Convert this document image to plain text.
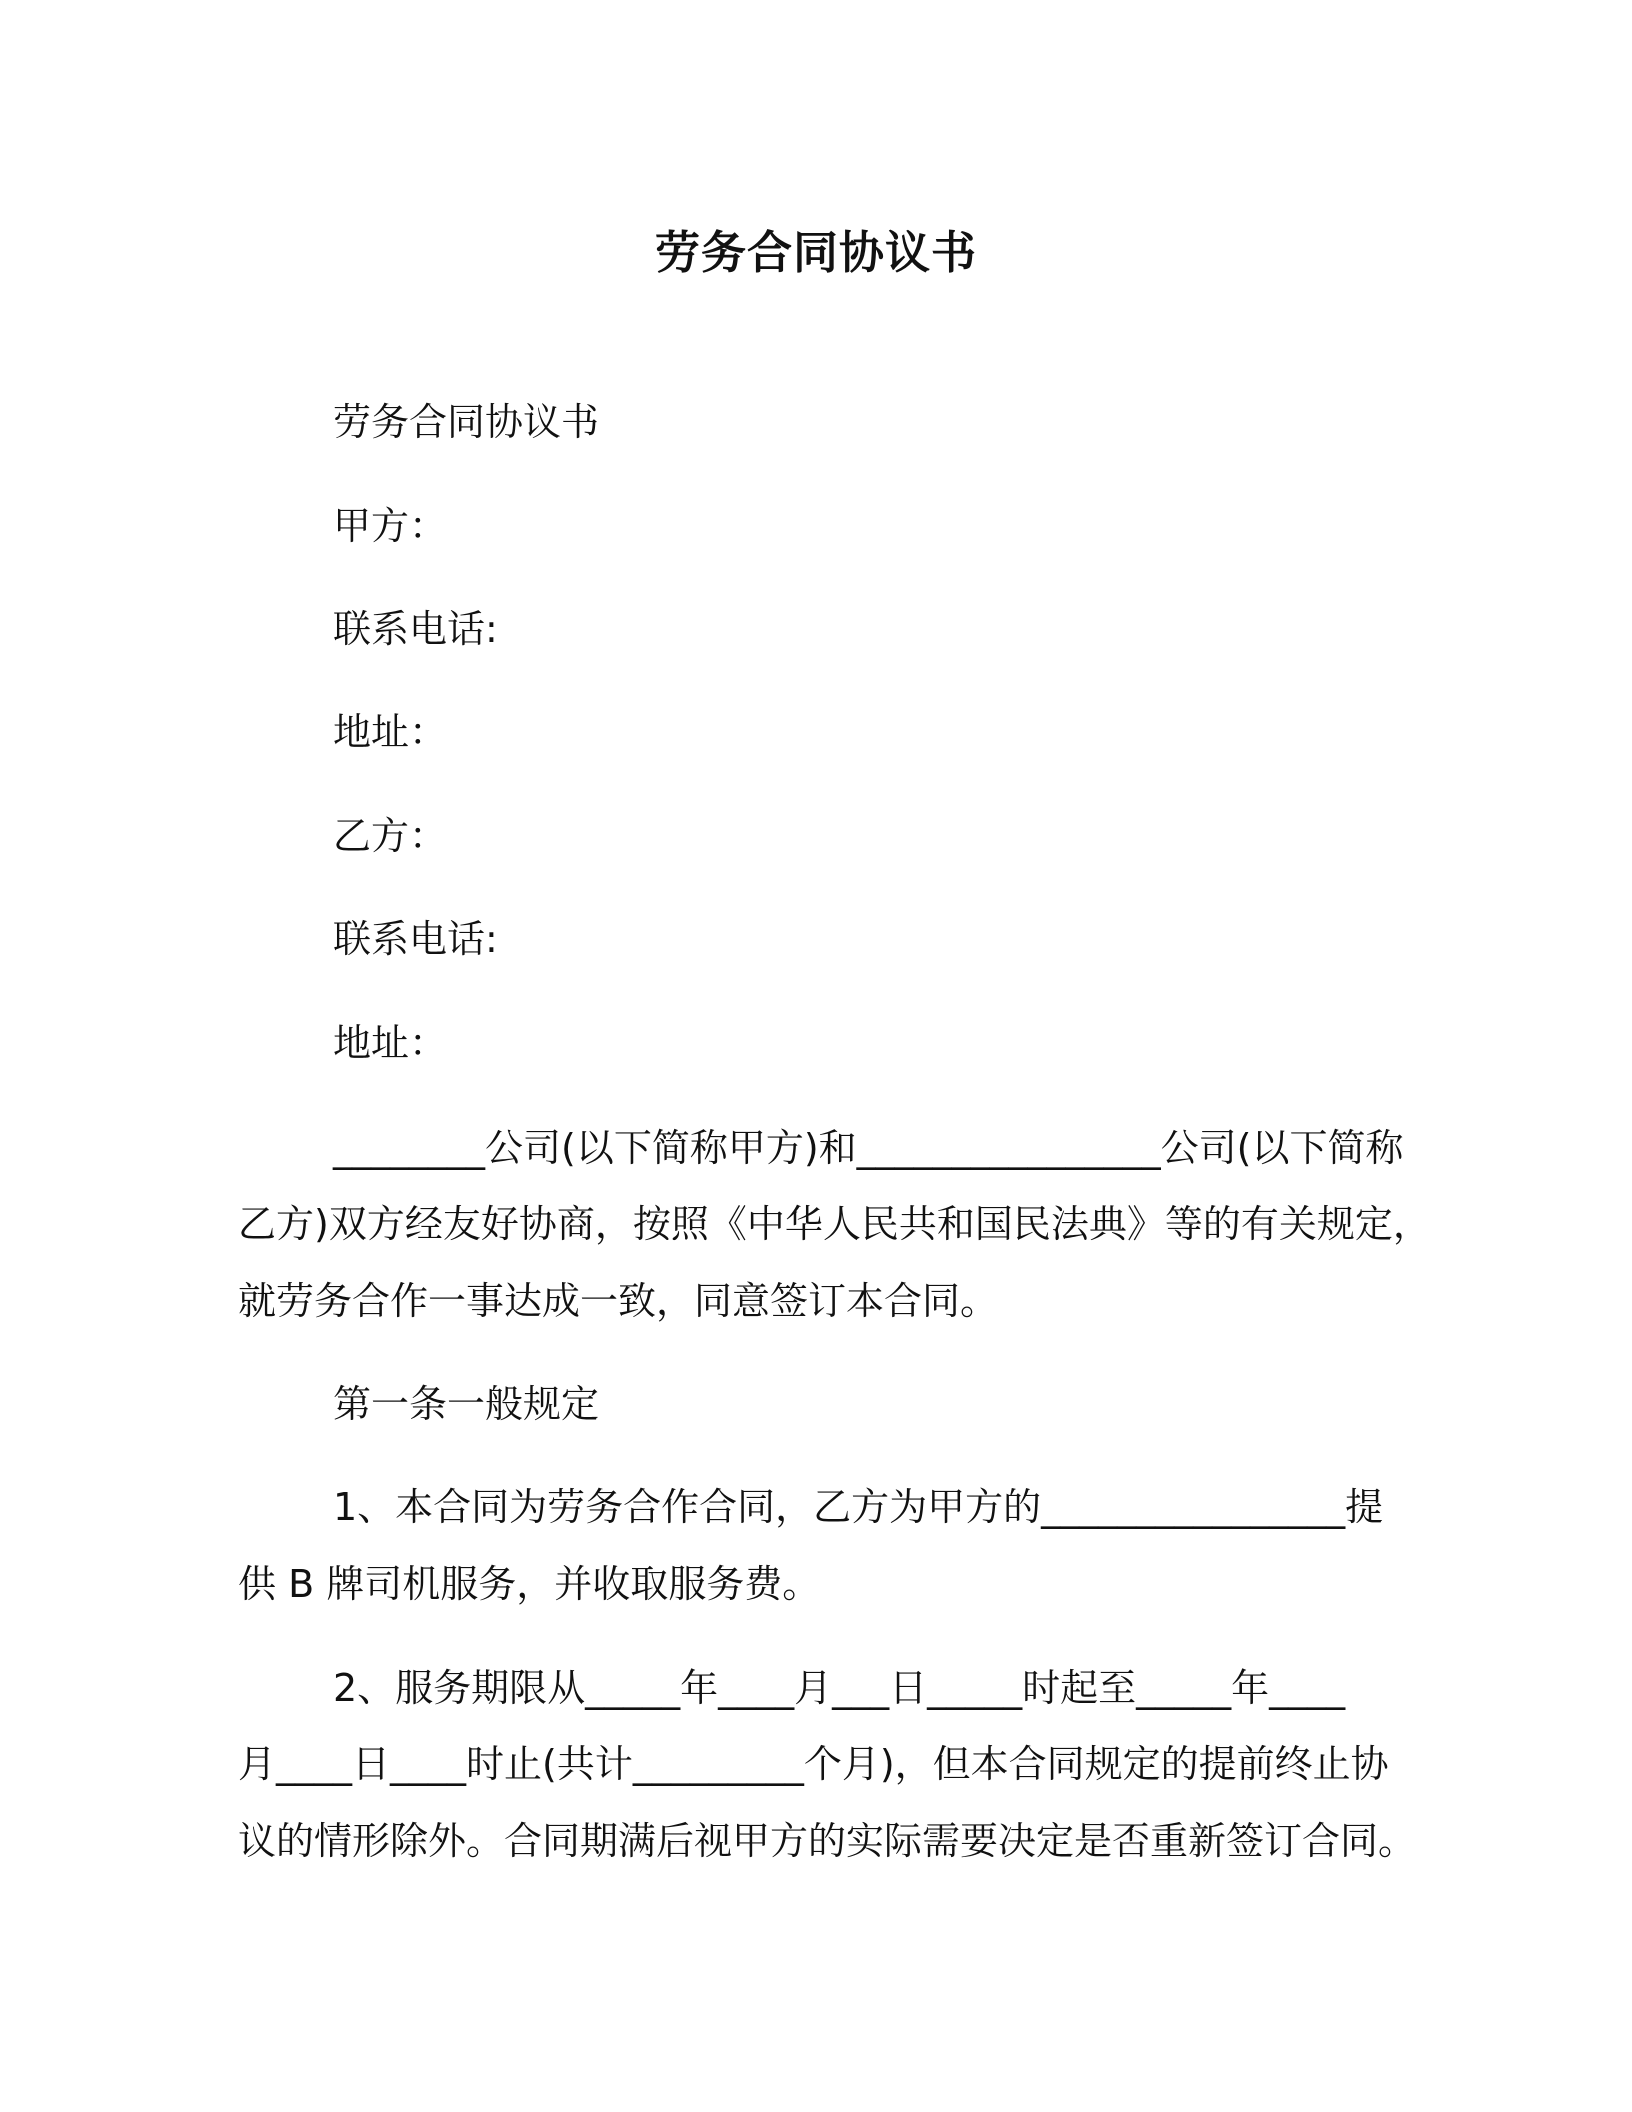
劳务合同协议书
劳务合同协议书
甲方：
联系电话:
地址：
乙方：
联系电话:
地址：
________公司(以下简称甲方)和________________公司(以下简称
乙方)双方经友好协商，按照《中华人民共和国民法典》等的有关规定，
就劳务合作一事达成一致，同意签订本合同。
第一条一般规定
1、本合同为劳务合作合同，乙方为甲方的________________提
供 B 牌司机服务，并收取服务费。
2、服务期限从_____年____月___日_____时起至_____年____
月____日____时止(共计_________个月)，但本合同规定的提前终止协
议的情形除外。合同期满后视甲方的实际需要决定是否重新签订合同。
